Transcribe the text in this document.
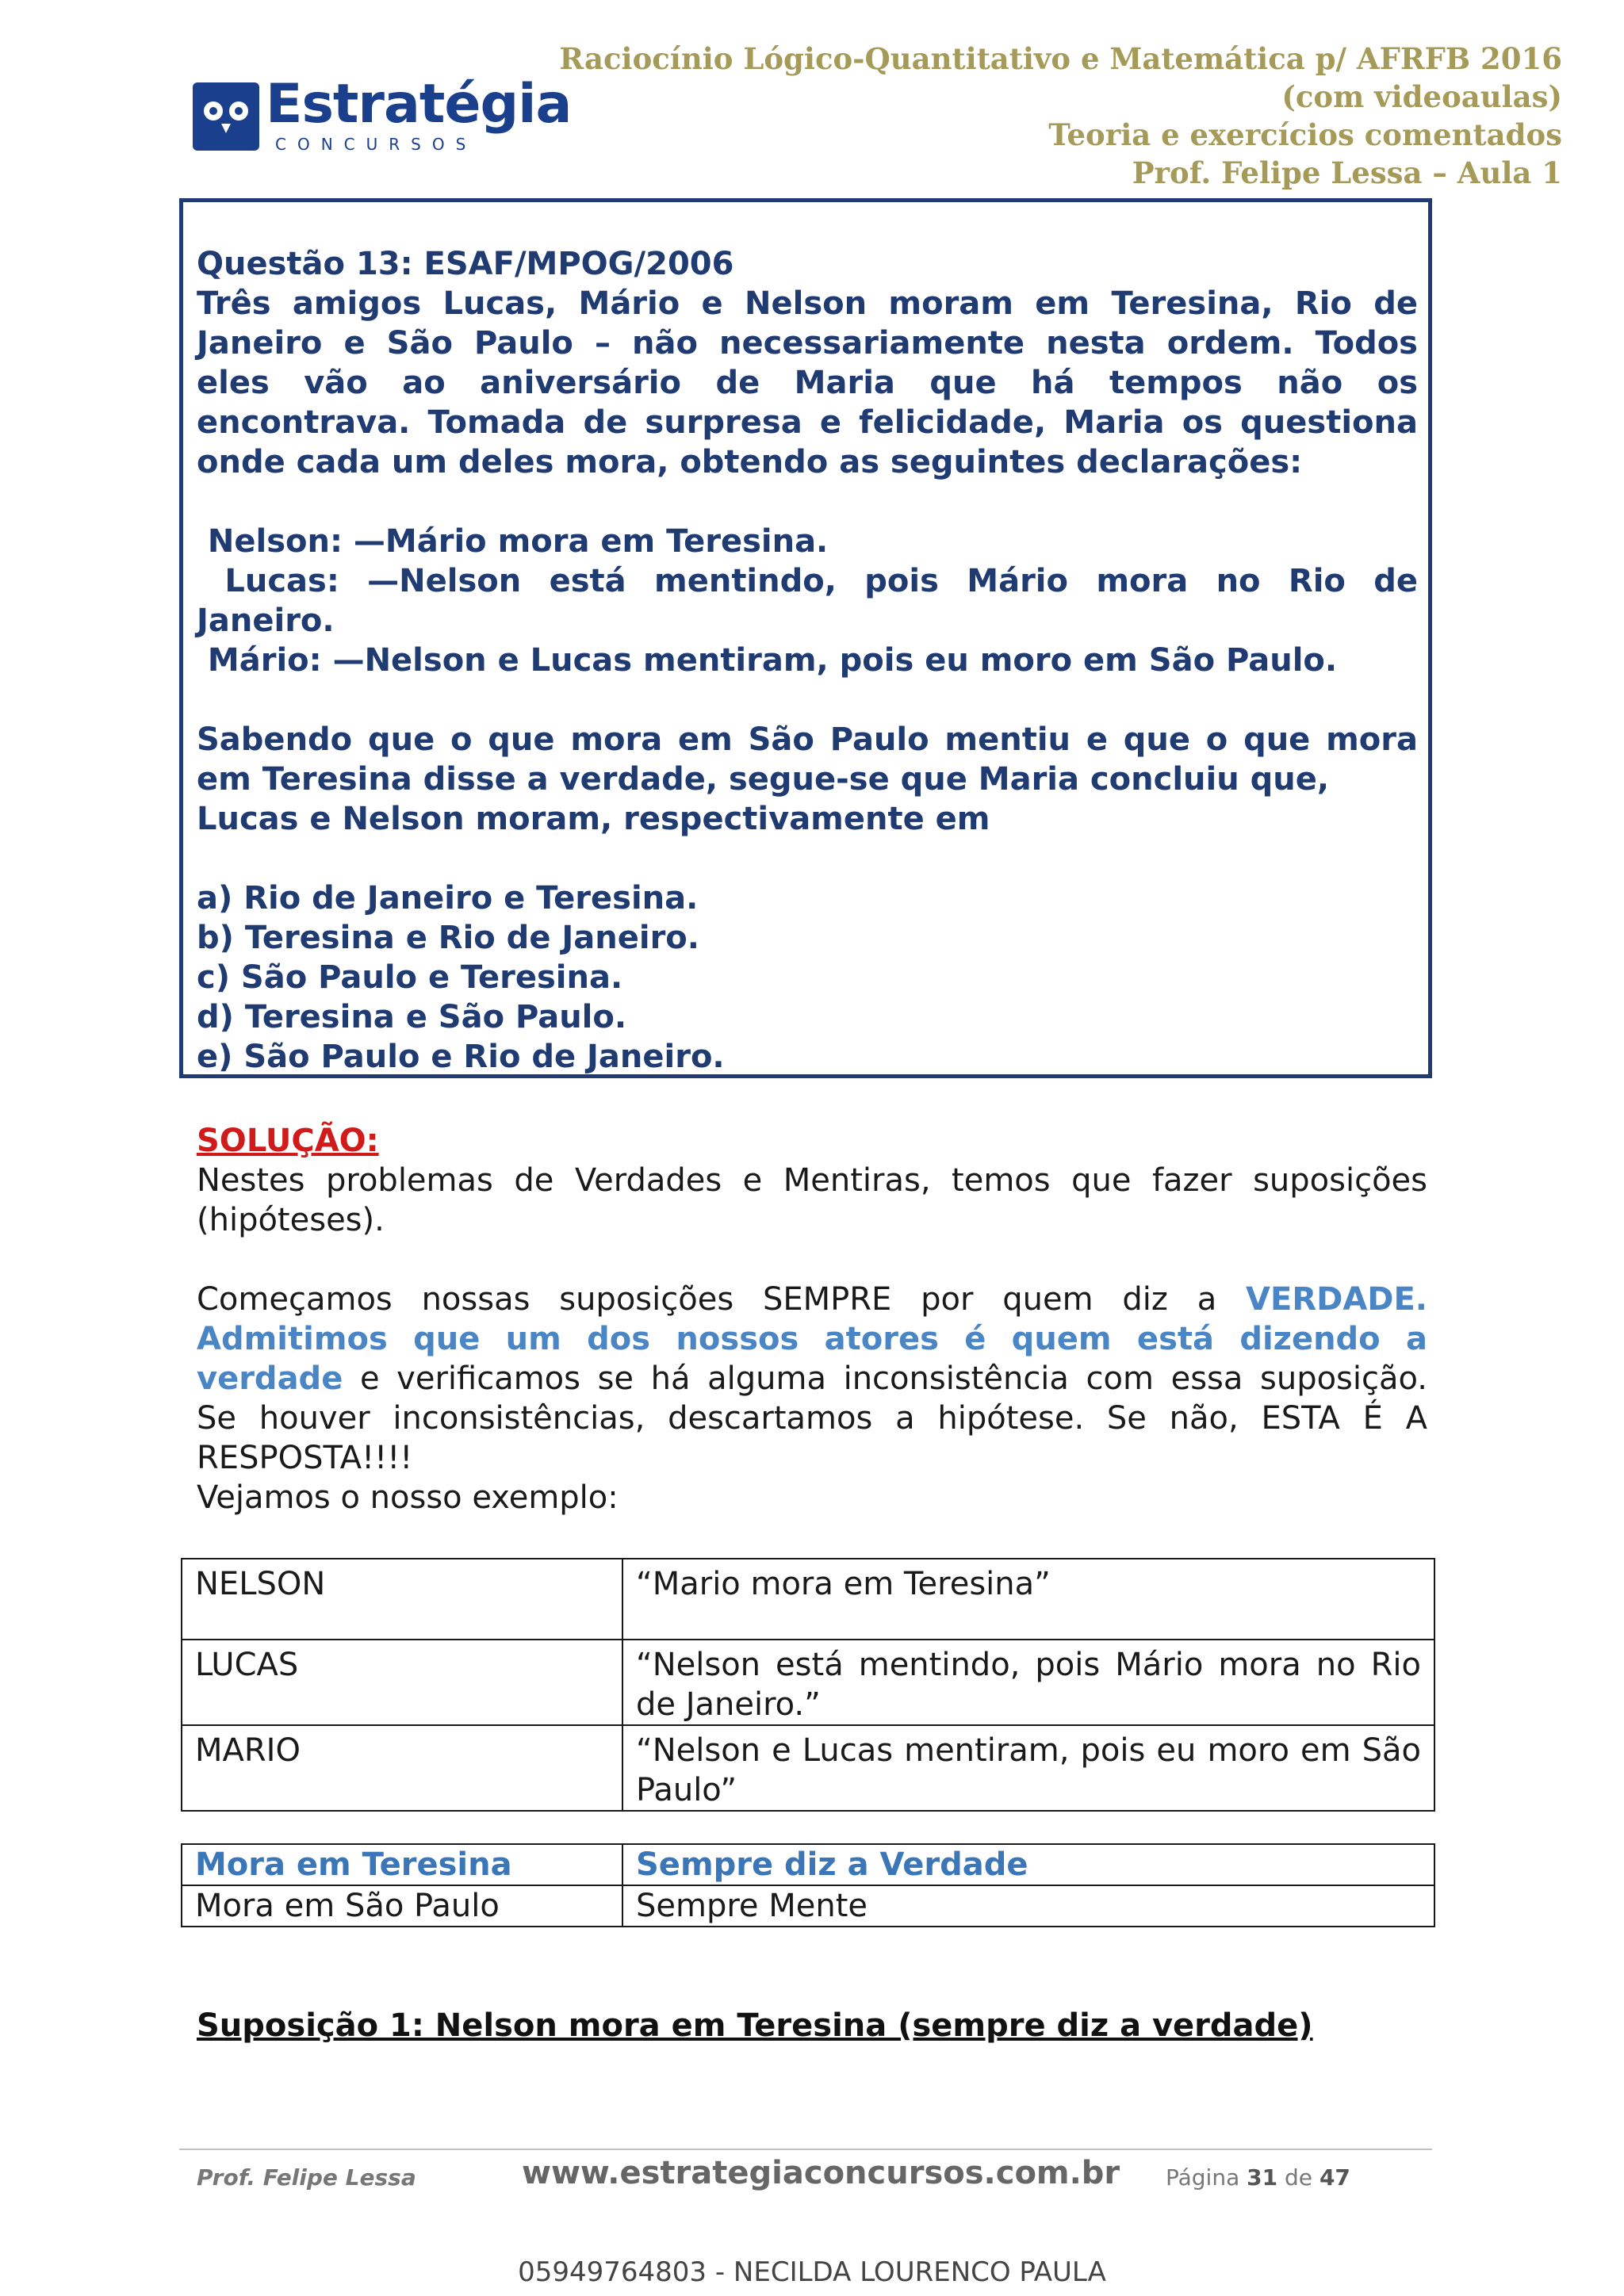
Estratégia
CONCURSOS
Raciocínio Lógico-Quantitativo e Matemática p/ AFRFB 2016
(com videoaulas)
Teoria e exercícios comentados
Prof. Felipe Lessa – Aula 1

Questão 13: ESAF/MPOG/2006

Três amigos Lucas, Mário e Nelson moram em Teresina, Rio de

Janeiro e São Paulo – não necessariamente nesta ordem. Todos

eles vão ao aniversário de Maria que há tempos não os

encontrava. Tomada de surpresa e felicidade, Maria os questiona

onde cada um deles mora, obtendo as seguintes declarações:

Nelson: —Mário mora em Teresina.

Lucas: —Nelson está mentindo, pois Mário mora no Rio de

Janeiro.

Mário: —Nelson e Lucas mentiram, pois eu moro em São Paulo.

Sabendo que o que mora em São Paulo mentiu e que o que mora

em Teresina disse a verdade, segue-se que Maria concluiu que,

Lucas e Nelson moram, respectivamente em

a) Rio de Janeiro e Teresina.

b) Teresina e Rio de Janeiro.

c) São Paulo e Teresina.

d) Teresina e São Paulo.

e) São Paulo e Rio de Janeiro.

SOLUÇÃO:

Nestes problemas de Verdades e Mentiras, temos que fazer suposições

(hipóteses).

Começamos nossas suposições SEMPRE por quem diz a VERDADE.

Admitimos que um dos nossos atores é quem está dizendo a

verdade e verificamos se há alguma inconsistência com essa suposição.

Se houver inconsistências, descartamos a hipótese. Se não, ESTA É A

RESPOSTA!!!!

Vejamos o nosso exemplo:

NELSON	“Mario mora em Teresina”
LUCAS	“Nelson está mentindo, pois Mário mora no Rio de Janeiro.”
MARIO	“Nelson e Lucas mentiram, pois eu moro em São Paulo”
Mora em Teresina	Sempre diz a Verdade
Mora em São Paulo	Sempre Mente
Suposição 1: Nelson mora em Teresina (sempre diz a verdade)
Prof. Felipe Lessa	www.estrategiaconcursos.com.br Página 31 de 47
05949764803 - NECILDA LOURENCO PAULA
